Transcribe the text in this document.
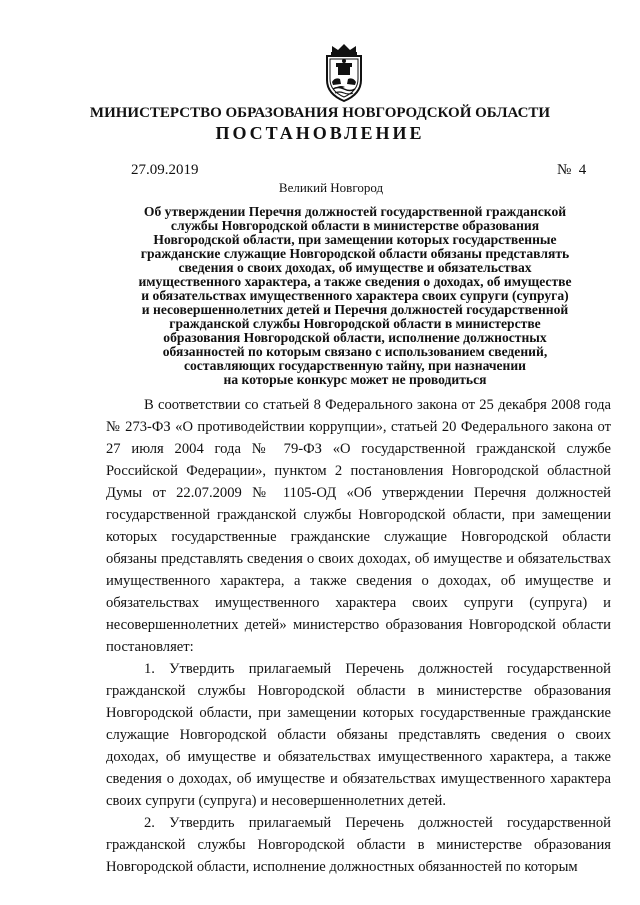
МИНИСТЕРСТВО ОБРАЗОВАНИЯ НОВГОРОДСКОЙ ОБЛАСТИ
ПОСТАНОВЛЕНИЕ
27.09.2019	№  4
Великий Новгород
Об утверждении Перечня должностей государственной гражданской
службы Новгородской области в министерстве образования
Новгородской области, при замещении которых государственные
гражданские служащие Новгородской области обязаны представлять
сведения о своих доходах, об имуществе и обязательствах
имущественного характера, а также сведения о доходах, об имуществе
и обязательствах имущественного характера своих супруги (супруга)
и несовершеннолетних детей и Перечня должностей государственной
гражданской службы Новгородской области в министерстве
образования Новгородской области, исполнение должностных
обязанностей по которым связано с использованием сведений,
составляющих государственную тайну, при назначении
на которые конкурс может не проводиться

В соответствии со статьей 8 Федерального закона от 25 декабря 2008 года № 273-ФЗ «О противодействии коррупции», статьей 20 Федерального закона от 27 июля 2004 года № 79-ФЗ «О государственной гражданской службе Российской Федерации», пунктом 2 постановления Новгородской областной Думы от 22.07.2009 № 1105-ОД «Об утверждении Перечня должностей государственной гражданской службы Новгородской области, при замещении которых государственные гражданские служащие Новгородской области обязаны представлять сведения о своих доходах, об имуществе и обязательствах имущественного характера, а также сведения о доходах, об имуществе и обязательствах имущественного характера своих супруги (супруга) и несовершеннолетних детей» министерство образования Новгородской области постановляет:

1. Утвердить прилагаемый Перечень должностей государственной гражданской службы Новгородской области в министерстве образования Новгородской области, при замещении которых государственные гражданские служащие Новгородской области обязаны представлять сведения о своих доходах, об имуществе и обязательствах имущественного характера, а также сведения о доходах, об имуществе и обязательствах имущественного характера своих супруги (супруга) и несовершеннолетних детей.

2. Утвердить прилагаемый Перечень должностей государственной гражданской службы Новгородской области в министерстве образования Новгородской области, исполнение должностных обязанностей по которым
